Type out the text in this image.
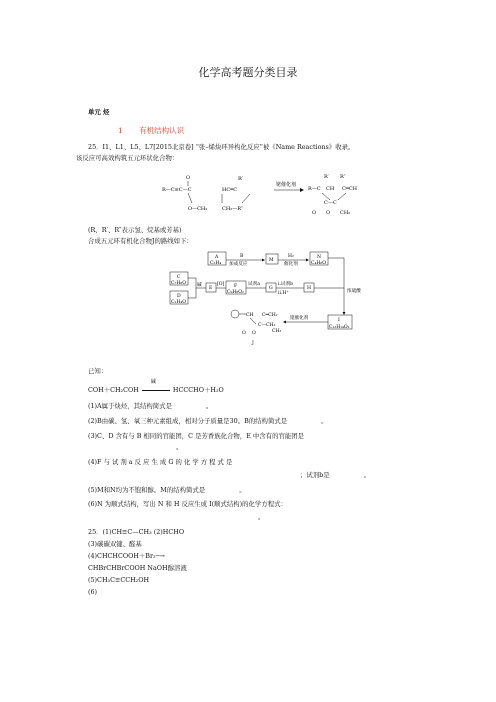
化学高考题分类目录
单元 烃
1 有机结构认识
25．I1、L1、L5、L7[2015北京卷] “张–烯炔环异构化反应”被《Name Reactions》收录。
该反应可高效构筑五元环状化合物：
R—C≡C—C
O
O—CH₂
HC═C
R′
CH₂—R″
铑催化剂
R—C
R′
CH
R″
C═CH
C—C
O O CH₂
(R、R′、R″表示氢、烷基或芳基)
合成五元环有机化合物J的路线如下：
A
C₃H₄
B
加成反应
M
H₂
催化剂
N
C₄H₈O
C
C₇H₆O
D
C₂H₄O
碱
E
[O] F
C₉H₈O₂
试剂a
G
i.试剂b
ii.H⁺
H
浓硫酸
I
C₁₃H₁₄O₂
铑催化剂
CH C═CH₂
C—CH₂
O O	CH₃
J
已知：
COH＋CH₂COH
碱
HCCCHO＋H₂O
(1)A属于炔烃，其结构简式是	。
(2)B由碳、氢、氧三种元素组成，相对分子质量是30。B的结构简式是	。
(3)C、D 含有与 B 相同的官能团，C 是芳香族化合物，E 中含有的官能团是
。
(4)F 与 试 剂 a 反 应 生 成 G 的 化 学 方 程 式 是
；试剂b是	。
(5)M和N均为不饱和醇。M的结构简式是	。
(6)N 为顺式结构，写出 N 和 H 反应生成 I(顺式结构)的化学方程式：
。
25．(1)CH≡C—CH₃ (2)HCHO
(3)碳碳双键、醛基
(4)CHCHCOOH＋Br₂─→
CHBrCHBrCOOH NaOH醇溶液
(5)CH₃C≡CCH₂OH
(6)
